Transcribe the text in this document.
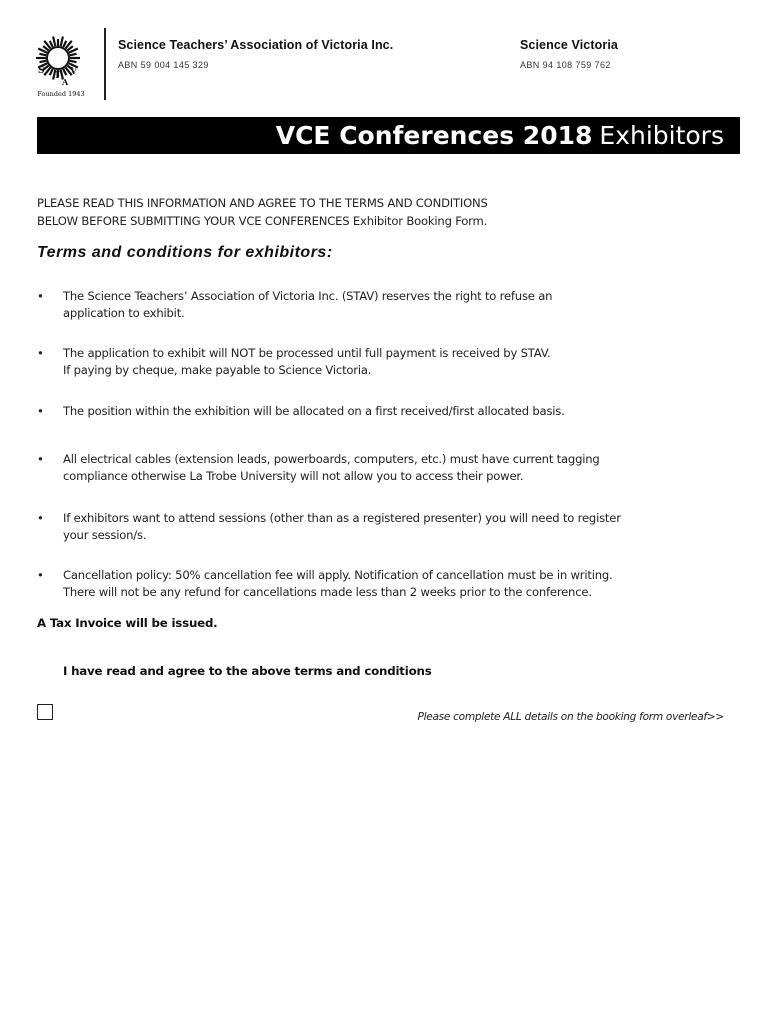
S T V
A
Founded 1943
Science Teachers’ Association of Victoria Inc.
ABN 59 004 145 329
Science Victoria
ABN 94 108 759 762
VCE Conferences 2018 Exhibitors
PLEASE READ THIS INFORMATION AND AGREE TO THE TERMS AND CONDITIONS
BELOW BEFORE SUBMITTING YOUR VCE CONFERENCES Exhibitor Booking Form.
Terms and conditions for exhibitors:
• The Science Teachers’ Association of Victoria Inc. (STAV) reserves the right to refuse an
application to exhibit.
• The application to exhibit will NOT be processed until full payment is received by STAV.
If paying by cheque, make payable to Science Victoria.
• The position within the exhibition will be allocated on a first received/first allocated basis.
• All electrical cables (extension leads, powerboards, computers, etc.) must have current tagging
compliance otherwise La Trobe University will not allow you to access their power.
• If exhibitors want to attend sessions (other than as a registered presenter) you will need to register
your session/s.
• Cancellation policy: 50% cancellation fee will apply. Notification of cancellation must be in writing.
There will not be any refund for cancellations made less than 2 weeks prior to the conference.
A Tax Invoice will be issued.
I have read and agree to the above terms and conditions
Please complete ALL details on the booking form overleaf>>
